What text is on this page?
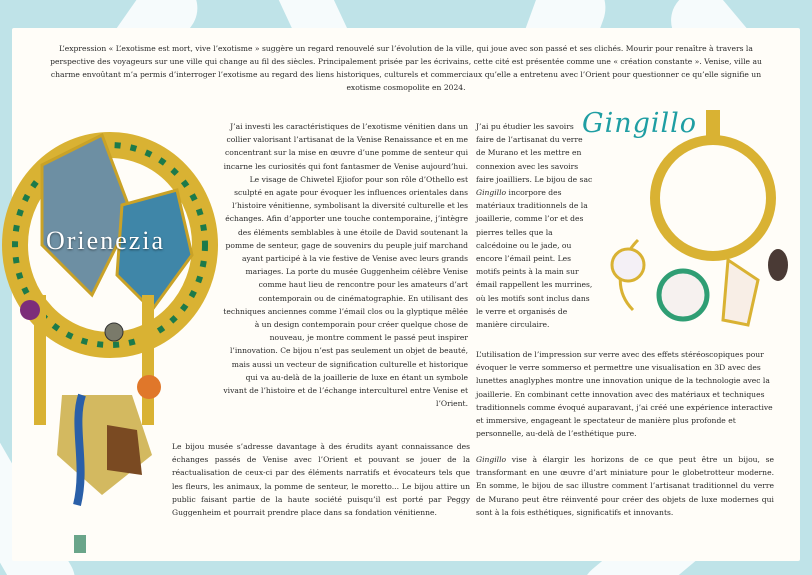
L’expression « L’exotisme est mort, vive l’exotisme » suggère un regard renouvelé sur l’évolution de la ville, qui joue avec son passé et ses clichés. Mourir pour renaître à travers la perspective des voyageurs sur une ville qui change au fil des siècles. Principalement prisée par les écrivains, cette cité est présentée comme une « création constante ». Venise, ville au charme envoûtant m’a permis d’interroger l’exotisme au regard des liens historiques, culturels et commerciaux qu’elle a entretenu avec l’Orient pour questionner ce qu’elle signifie un exotisme cosmopolite en 2024.
Orienezia

J’ai investi les caractéristiques de l’exotisme vénitien dans un collier valorisant l’artisanat de la Venise Renaissance et en me concentrant sur la mise en œuvre d’une pomme de senteur qui incarne les curiosités qui font fantasmer de Venise aujourd’hui. Le visage de Chiwetel Ejiofor pour son rôle d’Othello est sculpté en agate pour évoquer les influences orientales dans l’histoire vénitienne, symbolisant la diversité culturelle et les échanges. Afin d’apporter une touche contemporaine, j’intègre des éléments semblables à une étoile de David soutenant la pomme de senteur, gage de souvenirs du peuple juif marchand ayant participé à la vie festive de Venise avec leurs grands mariages. La porte du musée Guggenheim célèbre Venise comme haut lieu de rencontre pour les amateurs d’art contemporain ou de cinématographie. En utilisant des techniques anciennes comme l’émail clos ou la glyptique mêlée à un design contemporain pour créer quelque chose de nouveau, je montre comment le passé peut inspirer l’innovation. Ce bijou n’est pas seulement un objet de beauté, mais aussi un vecteur de signification culturelle et historique qui va au-delà de la joaillerie de luxe en étant un symbole vivant de l’histoire et de l’échange interculturel entre Venise et l’Orient.

Le bijou musée s’adresse davantage à des érudits ayant connaissance des échanges passés de Venise avec l’Orient et pouvant se jouer de la réactualisation de ceux-ci par des éléments narratifs et évocateurs tels que les fleurs, les animaux, la pomme de senteur, le moretto... Le bijou attire un public faisant partie de la haute société puisqu’il est porté par Peggy Guggenheim et pourrait prendre place dans sa fondation vénitienne.
J’ai pu étudier les savoirs faire de l’artisanat du verre de Murano et les mettre en connexion avec les savoirs faire joailliers. Le bijou de sac Gingillo incorpore des matériaux traditionnels de la joaillerie, comme l’or et des pierres telles que la calcédoine ou le jade, ou encore l’émail peint. Les motifs peints à la main sur émail rappellent les murrines, où les motifs sont inclus dans le verre et organisés de manière circulaire.
Gingillo

L’utilisation de l’impression sur verre avec des effets stéréoscopiques pour évoquer le verre sommerso et permettre une visualisation en 3D avec des lunettes anaglyphes montre une innovation unique de la technologie avec la joaillerie. En combinant cette innovation avec des matériaux et techniques traditionnels comme évoqué auparavant, j’ai créé une expérience interactive et immersive, engageant le spectateur de manière plus profonde et personnelle, au-delà de l’esthétique pure.

Gingillo vise à élargir les horizons de ce que peut être un bijou, se transformant en une œuvre d’art miniature pour le globetrotteur moderne. En somme, le bijou de sac illustre comment l’artisanat traditionnel du verre de Murano peut être réinventé pour créer des objets de luxe modernes qui sont à la fois esthétiques, significatifs et innovants.
